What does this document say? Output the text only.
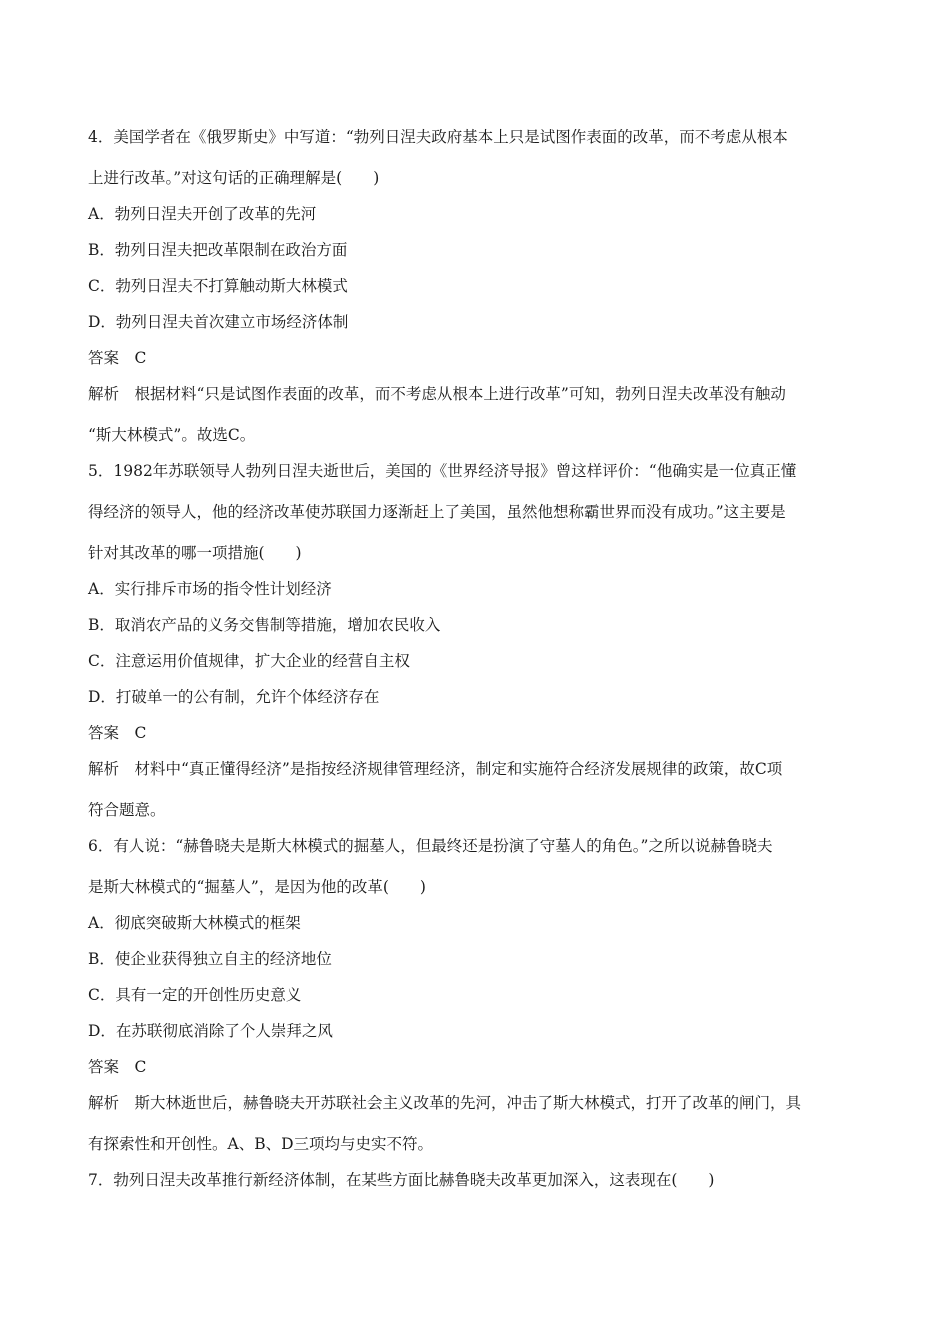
4．美国学者在《俄罗斯史》中写道：“勃列日涅夫政府基本上只是试图作表面的改革，而不考虑从根本
上进行改革。”对这句话的正确理解是(　　)
A．勃列日涅夫开创了改革的先河
B．勃列日涅夫把改革限制在政治方面
C．勃列日涅夫不打算触动斯大林模式
D．勃列日涅夫首次建立市场经济体制
答案　C
解析　根据材料“只是试图作表面的改革，而不考虑从根本上进行改革”可知，勃列日涅夫改革没有触动
“斯大林模式”。故选C。
5．1982年苏联领导人勃列日涅夫逝世后，美国的《世界经济导报》曾这样评价：“他确实是一位真正懂
得经济的领导人，他的经济改革使苏联国力逐渐赶上了美国，虽然他想称霸世界而没有成功。”这主要是
针对其改革的哪一项措施(　　)
A．实行排斥市场的指令性计划经济
B．取消农产品的义务交售制等措施，增加农民收入
C．注意运用价值规律，扩大企业的经营自主权
D．打破单一的公有制，允许个体经济存在
答案　C
解析　材料中“真正懂得经济”是指按经济规律管理经济，制定和实施符合经济发展规律的政策，故C项
符合题意。
6．有人说：“赫鲁晓夫是斯大林模式的掘墓人，但最终还是扮演了守墓人的角色。”之所以说赫鲁晓夫
是斯大林模式的“掘墓人”，是因为他的改革(　　)
A．彻底突破斯大林模式的框架
B．使企业获得独立自主的经济地位
C．具有一定的开创性历史意义
D．在苏联彻底消除了个人崇拜之风
答案　C
解析　斯大林逝世后，赫鲁晓夫开苏联社会主义改革的先河，冲击了斯大林模式，打开了改革的闸门，具
有探索性和开创性。A、B、D三项均与史实不符。
7．勃列日涅夫改革推行新经济体制，在某些方面比赫鲁晓夫改革更加深入，这表现在(　　)
